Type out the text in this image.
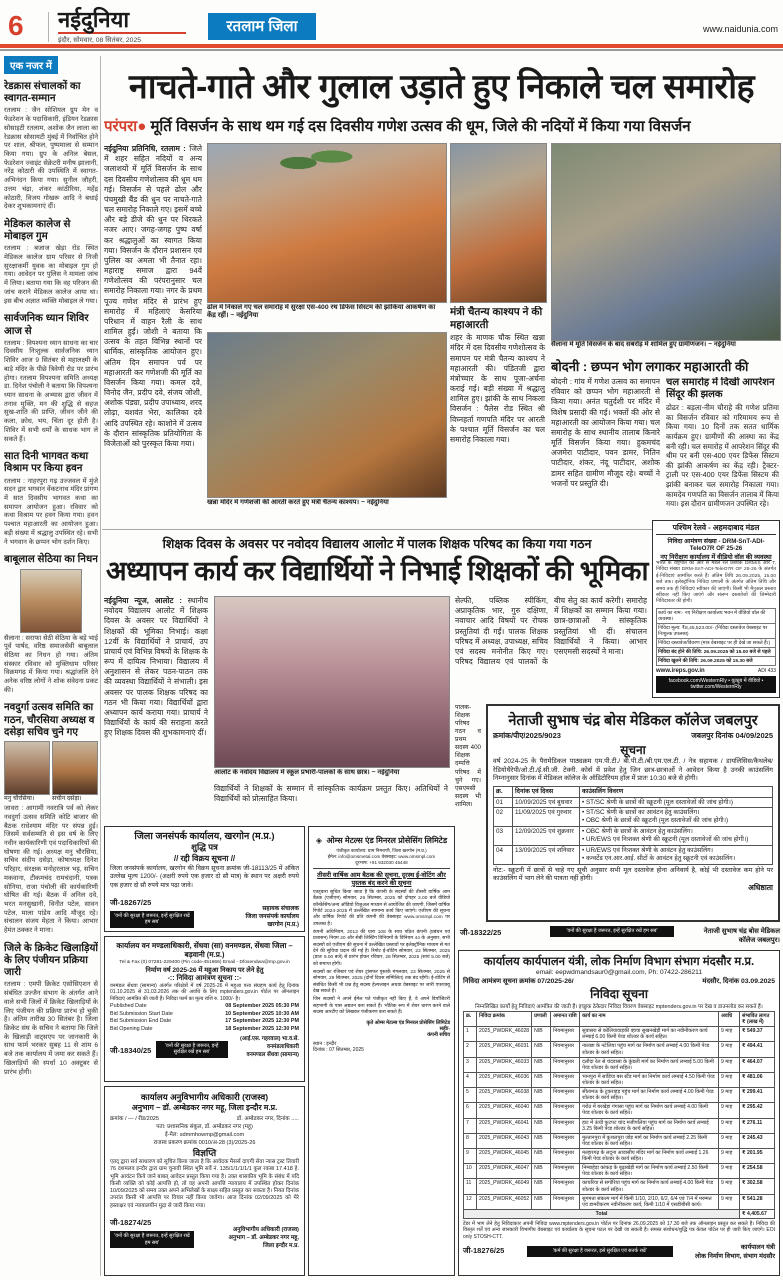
6 नईदुनिया
इंदौर, सोमवार, 08 सितंबर, 2025
रतलाम जिला	www.naidunia.com
एक नजर में
रेडक्रास संचालकों का स्वागत-सम्मान
रतलाम : जैन सोशियल ग्रुप मेन व फेडरेशन के पदाधिकारी, इंडियन रेडक्रास सोसाइटी रतलाम, अशोक जैन लाला का रेडक्रास सोसायटी मुंबई में निर्वाचित होने पर शाल, श्रीफल, पुष्पमाला से सम्मान किया गया। ग्रुप के अनिल बेसल, फेडरेशन ज्वाइंट सेक्रेटरी मनीष झालानी, नरेंद्र कोठारी की उपस्थिति में स्वागत-अभिनंदन किया गया। सुनील जौहरी, उत्तम चंद्रा, शंकर कांठीरिया, महेंद्र कोठारी, विजय गोखरू आदि ने बधाई देकर शुभकामनाएं दीं।
मेडिकल कालेज से मोबाइल गुम
रतलाम : बजाज खेड़ा रोड स्थित मेडिकल कालेज ग्राम परिसर से निजी सुरक्षाकर्मी युवक का मोबाइल गुम हो गया। आवेदन पर पुलिस ने मामला जांच में लिया। बताया गया कि वह परिजन की जांच कराने मेडिकल कालेज आया था। इस बीच अज्ञात व्यक्ति मोबाइल ले गया।
सार्वजनिक ध्यान शिविर आज से
रतलाम : विपश्यना ध्यान साधना का चार दिवसीय निःशुल्क सार्वजनिक ध्यान शिविर आज 9 सितंबर से महालक्ष्मी के बाड़े मंदिर के पीछे त्रिवेणी रोड पर प्रारंभ होगा। रतलाम विपश्यना समिति अध्यक्ष डा. दिनेश पंचोली ने बताया कि विपश्यना ध्यान साधना के अभ्यास द्वारा जीवन में तनाव मुक्ति, मन की शुद्धि से सहज सुख-शांति की प्राप्ति, जीवन जीने की कला, क्रोध, भय, चिंता दूर होती है। शिविर में सभी धर्मों के साधक भाग ले सकते हैं।
सात दिनी भागवत कथा विश्राम पर किया हवन
रतलाम : नाहरपुरा गढ़ उज्जवल में मुंजे सदन द्वार भगवान वेंकटनाथ मंदिर प्रांगण में सात दिवसीय भागवत कथा का समापन आयोजन हुआ। रविवार को कथा विश्राम पर हवन किया गया। हवन पश्चात महाआरती का आयोजन हुआ। बड़ी संख्या में श्रद्धालु उपस्थित रहे। सभी ने भगवान के छप्पन भोग दर्शन किए।
बाबूलाल सेठिया का निधन
सैलाना : सराफा सेठी सेठिया के बड़े भाई पूर्व पार्षद, वरिष्ठ समाजसेवी बाबूलाल सेठिया का निधन हो गया। अंतिम संस्कार रविवार को मुक्तिधाम परिसर विक्रमगढ़ में किया गया। श्रद्धांजलि देने अनेक वरिष्ठ लोगों ने शोक संवेदना प्रकट की।
नवदुर्गा उत्सव समिति का गठन, चौरसिया अध्यक्ष व दसेड़ा सचिव चुने गए
मनु चौरसिया।	सचीन दसेड़ा।
जावरा : आगामी नवरात्रि पर्व को लेकर नवदुर्गा उत्सव समिति कोटि बाजार की बैठक राधेश्याम मंदिर पर संपन्न हुई। जिसमें सर्वसम्मति से इस वर्ष के लिए नवीन कार्यकारिणी एवं पदाधिकारियों की घोषणा की गई। अध्यक्ष मनु चौरसिया, सचिव संदीप दसेड़ा, कोषाध्यक्ष दिनेश परिहार, संरक्षक मनोहरलाल भट्ट, सचिन मकवाना, टीकमचंद रामचंदानी, पत्रक सोनिया, राजा पंचोली की कार्यकारिणी घोषित की गई। बैठक में अनिल दवे, भरत मनसुखानी, विनीत पटेल, सावन पटेल, माला पांडेय आदि मौजूद रहे। संचालन संजय मेहता ने किया। आभार हेमंत ठक्कर ने माना।
जिले के क्रिकेट खिलाड़ियों के लिए पंजीयन प्रक्रिया जारी
रतलाम : एमपी क्रिकेट एसोसिएशन से संबंधित उज्जैन संभाग के अंतर्गत आने वाले सभी जिलों में क्रिकेट खिलाड़ियों के लिए पंजीयन की प्रक्रिया प्रारंभ हो चुकी है। अंतिम तारीख 30 सितंबर है। जिला क्रिकेट संघ के सचिव ने बताया कि जिले के खिलाड़ी वाट्सएप पर जानकारी के साथ फार्म भरकर सुबह 11 से शाम 6 बजे तक कार्यालय में जमा कर सकते हैं। खिलाड़ियों की स्पर्धा 10 अक्टूबर से प्रारंभ होगी।
नाचते-गाते और गुलाल उड़ाते हुए निकाले चल समारोह
परंपरा● मूर्ति विसर्जन के साथ थम गई दस दिवसीय गणेश उत्सव की धूम, जिले की नदियों में किया गया विसर्जन
नईदुनिया प्रतिनिधि, रतलाम : जिले में शहर सहित नदियों व अन्य जलाशयों में मूर्ति विसर्जन के साथ दस दिवसीय गणेशोत्सव की धूम थम गई। विसर्जन से पहले ढोल और पंचमुखी बैंड की धुन पर नाचते-गाते चल समारोह निकाले गए। इसमें बच्चे और बड़े डीजे की धुन पर थिरकते नजर आए। जगह-जगह पुष्प वर्षा कर श्रद्धालुओं का स्वागत किया गया। विसर्जन के दौरान प्रशासन एवं पुलिस का अमला भी तैनात रहा। महाराष्ट्र समाज द्वारा 94वें गणेशोत्सव की परंपरानुसार चल समारोह निकाला गया। नगर के प्रथम पूज्य गणेश मंदिर से प्रारंभ हुए समारोह में महिलाएं केसरिया परिधान में वाहन रैली के साथ शामिल हुईं। जोशी ने बताया कि उत्सव के तहत विभिन्न स्थानों पर धार्मिक, सांस्कृतिक आयोजन हुए। अंतिम दिन समापन पर्व पर महाआरती कर गणेशजी की मूर्ति का विसर्जन किया गया। कमल दवे, विनोद जैन, प्रदीप दवे, संजय जोशी, अशोक पंड्या, प्रदीप उपाध्याय, शरद लोढ़ा, यशवंत भेरा, कालिका दवे आदि उपस्थित रहे। काशोने में उत्सव के दौरान सांस्कृतिक प्रतियोगिता के विजेताओं को पुरस्कृत किया गया।
ढोल में निकाले गए चल समारोह में सुरक्षा एस-400 रथ डिफेंस सिस्टम की झांकियां आकर्षण का केंद्र रहीं। ~ नईदुनिया
सैलाना में मूर्ति विसर्जन के बाद सबरोड़ में शामिल हुए ग्रामीणजन। ~ नईदुनिया
मंत्री चैतन्य काश्यप ने की महाआरती
शहर के माणक चौक स्थित खन्ना मंदिर में दस दिवसीय गणेशोत्सव के समापन पर मंत्री चैतन्य काश्यप ने महाआरती की। पंडितजी द्वारा मंत्रोच्चार के साथ पूजा-अर्चना कराई गई। बड़ी संख्या में श्रद्धालु शामिल हुए। झांकी के साथ निकला विसर्जन : पैलेस रोड स्थित श्री विघ्नहर्ता गणपति मंदिर पर आरती के पश्चात मूर्ति विसर्जन का चल समारोह निकाला गया।
खन्ना मंदिर में गणेशजी की आरती करते हुए मंत्री चैतन्य काश्यप। ~ नईदुनिया
बोदनी : छप्पन भोग लगाकर महाआरती की
बोदनी : गांव में गणेश उत्सव का समापन रविवार को छप्पन भोग महाआरती से किया गया। अनंत चतुर्दशी पर मंदिर में विशेष प्रसादी की गई। भक्तों की ओर से महाआरती का आयोजन किया गया। चल समारोह के साथ स्थानीय तालाब किनारे मूर्ति विसर्जन किया गया। हुकमचंद अजमेरा पाटीदार, पवन डामर, नितिन पाटीदार, शंकर, नंदू पाटीदार, अशोक डामर सहित ग्रामीण मौजूद रहे। बच्चों ने भजनों पर प्रस्तुति दी।
चल समारोह में दिखी आपरेशन सिंदूर की झलक
ढोढर : बड़ला-नीम चौराहे की गणेश प्रतिमा का विसर्जन रविवार को गरिमामय रूप से किया गया। 10 दिनों तक सतत धार्मिक कार्यक्रम हुए। ग्रामीणों की आस्था का केंद्र बनी रही। चल समारोह में आपरेशन सिंदूर की थीम पर बनी एस-400 एयर डिफेंस सिस्टम की झांकी आकर्षण का केंद्र रही। ट्रैक्टर-ट्राली पर एस-400 एयर डिफेंस सिस्टम की झांकी बनाकर चल समारोह निकाला गया। कामदेव गणपति का विसर्जन तालाब में किया गया। इस दौरान ग्रामीणजन उपस्थित रहे।
शिक्षक दिवस के अवसर पर नवोदय विद्यालय आलोट में पालक शिक्षक परिषद का किया गया गठन
अध्यापन कार्य कर विद्यार्थियों ने निभाई शिक्षकों की भूमिका
नईदुनिया न्यूज, आलोट : स्थानीय नवोदय विद्यालय आलोट में शिक्षक दिवस के अवसर पर विद्यार्थियों ने शिक्षकों की भूमिका निभाई। कक्षा 12वीं के विद्यार्थियों ने प्राचार्य, उप प्राचार्य एवं विभिन्न विषयों के शिक्षक के रूप में दायित्व निभाया। विद्यालय में अनुशासन से लेकर पठन-पाठन तक की व्यवस्था विद्यार्थियों ने संभाली। इस अवसर पर पालक शिक्षक परिषद का गठन भी किया गया। विद्यार्थियों द्वारा अध्यापन कार्य कराया गया। प्राचार्य ने विद्यार्थियों के कार्य की सराहना करते हुए शिक्षक दिवस की शुभकामनाएं दीं।
आलोट के नवोदय विद्यालय में स्कूल प्रभारी-पालकों के साथ छात्र। ~ नईदुनिया
विद्यार्थियों ने शिक्षकों के सम्मान में सांस्कृतिक कार्यक्रम प्रस्तुत किए। अतिथियों ने विद्यार्थियों को प्रोत्साहित किया।
सेल्फी, पब्लिक स्पीकिंग, अप्राकृतिक भार, गुरु दक्षिणा, नवाचार आदि विषयों पर रोचक प्रस्तुतियां दी गईं। पालक शिक्षक परिषद में अध्यक्ष, उपाध्यक्ष, सचिव एवं सदस्य मनोनीत किए गए। परिषद विद्यालय एवं पालकों के बीच सेतु का कार्य करेगी। समारोह में शिक्षकों का सम्मान किया गया। छात्र-छात्राओं ने सांस्कृतिक प्रस्तुतियां भी दीं। संचालन विद्यार्थियों ने किया। आभार एसएमसी सदस्यों ने माना।
पालक-शिक्षक परिषद गठन व प्रथम सदस्य 400 शिक्षक दम्पत्ति परिषद में चुने गए। एसएमसी सदस्य भी शामिल।
पश्चिम रेलवे - अहमदाबाद मंडल
निविदा आमंत्रण संख्या - DRM-SnT-ADI- TeleO7R OF 25-26
नए निरीक्षण कार्यालय में वीडियो वॉल की व्यवस्था
भारत के राष्ट्रपति की ओर से मंडल रेल प्रबंधक DRM/S और T, निविदा संख्या DRM-SnT-ADI-TeleO7R OF 25-26 के अंतर्गत ई-निविदाएं आमंत्रित करते हैं। अंतिम तिथि 26.09.2025, 15.00 बजे तक। इलेक्ट्रॉनिक निविदा प्रणाली के अंतर्गत अंतिम तिथि और समय तक ही निविदाएं स्वीकार की जाएंगी। किसी भी मैनुअल प्रस्ताव स्वीकार नहीं किए जाएंगे और संलग्न दस्तावेजों की जिम्मेदारी निविदाकार की होगी।
कार्य का नाम:- नए निरीक्षण कार्यालय भवन में वीडियो वॉल की व्यवस्था।
निविदा मूल्य: ₹8,45,523.00/- (निविदा दस्तावेज वेबसाइट पर निःशुल्क उपलब्ध)
निविदा दस्तावेज/विवरण (मात्र वेबसाइट पर ही देखे जा सकते हैं।)
निविदा बंद होने की तिथि: 26.09.2025 को 15.00 बजे से पहले
निविदा खुलने की तिथि: 26.09.2025 को 15.30 बजे
www.ireps.gov.in	ADI 433
facebook.com/WesternRly • यूट्यूब में वीडियो • twitter.com/WesternRly
नेताजी सुभाष चंद्र बोस मेडिकल कॉलेज जबलपुर
क्रमांक/पीए/2025/9023	जबलपुर दिनांक 04/09/2025
सूचना
वर्ष 2024-25 के पैरामेडिकल पाठ्यक्रम एम.पी.टी./ बी.पी.टी./बी.एम.एल.टी. / नेत्र सहायक / डायलिसिस/कैथलेब/रेडियोथैरेपी/ओ.टी./ई.सी.जी. टेक्नी. कोर्स में प्रवेश हेतु जिन छात्र-छात्राओं ने आवेदन किया है उनकी काउंसलिंग निम्नानुसार दिनांक में मेडिकल कॉलेज के ऑडिटोरियम हॉल में प्रातः 10:30 बजे से होगी।
क्र.	दिनांक एवं दिवस	काउंसलिंग विवरण
01	10/09/2025 एवं बुधवार	• ST/SC श्रेणी के छात्रों की स्क्रूटनी (मूल दस्तावेजों की जांच होगी।)

02	11/09/2025 एवं गुरुवार	• ST/SC श्रेणी के छात्रों का आवंटन हेतु काउंसलिंग।
• OBC श्रेणी के छात्रों की स्क्रूटनी (मूल दस्तावेजों की जांच होगी।)

03	12/09/2025 एवं शुक्रवार	• OBC श्रेणी के छात्रों के आवंटन हेतु काउंसलिंग।
• UR/EWS एवं निःशक्त श्रेणी की स्क्रूटनी (मूल दस्तावेजों की जांच होगी।)

04	13/09/2025 एवं शनिवार	• UR/EWS एवं निःशक्त श्रेणी के आवंटन हेतु काउंसलिंग।
• कन्वर्टेड एन.आर.आई. सीटों के आवंटन हेतु स्क्रूटनी एवं काउंसलिंग।
नोट:- स्क्रूटनी में छात्रों से चाहे गए सूची अनुसार सभी मूल दस्तावेज होना अनिवार्य है, कोई भी दस्तावेज कम होने पर काउंसलिंग में भाग लेने की पात्रता नहीं होगी।
अधिष्ठाता
जी-18322/25	'वनों की सुरक्षा है जरूरत, इन्हें सुरक्षित रखें हम सब'	नेताजी सुभाष चंद्र बोस मेडिकल
कॉलेज जबलपुर।
कार्यालय कार्यपालन यंत्री, लोक निर्माण विभाग संभाग मंदसौर म.प्र.
email: eepwdmandsaur0@gmail.com, Ph: 07422-286211
निविदा आमंत्रण सूचना क्रमांक 07/2025-26/	मंदसौर, दिनांक 03.09.2025
निविदा सूचना
निम्नलिखित कार्यों हेतु निविदाएं आमंत्रित की जाती हैं। इच्छुक ठेकेदार निविदा विवरण वेबसाइट mptenders.gov.in पर देख व डाउनलोड कर सकते हैं।
क्र.	निविदा क्रमांक	प्रणाली	अमानत राशि	कार्य का नाम	अवधि	संभावित लागत ₹ (लाख में)
1	2025_PWDRK_46028	NIB	नियमानुसार	सुवासरा से कोलियावाड़की व्हाया सुखनखेड़ी मार्ग का नवीनीकरण कार्य लम्बाई 6.00 किमी पेव्ड शोल्डर के कार्य सहित।	9 माह	₹ 549.37
2	2025_PWDRK_46031	NIB	नियमानुसार	नालछा के नटेलिया पहुंच मार्ग का निर्माण कार्य लम्बाई 4.00 किमी पेव्ड शोल्डर के कार्य सहित।	9 माह	₹ 494.41
3	2025_PWDRK_46033	NIB	नियमानुसार	दलौदा रेल से चंदवासा के कुंडली मार्ग का निर्माण कार्य लम्बाई 5.00 किमी पेव्ड शोल्डर के कार्य सहित।	9 माह	₹ 464.07
4	2025_PWDRK_46036	NIB	नियमानुसार	भानपुरा में सांडिया बस स्टैंड मार्ग का निर्माण कार्य लम्बाई 4.50 किमी पेव्ड शोल्डर के कार्य सहित।	9 माह	₹ 481.06
5	2025_PWDRK_46038	NIB	नियमानुसार	सीतामऊ के टुकराहड़ पहुंच मार्ग का निर्माण कार्य लम्बाई 4.00 किमी पेव्ड शोल्डर के कार्य सहित।	9 माह	₹ 299.41
6	2025_PWDRK_46040	NIB	नियमानुसार	गरोठ में बरखेड़ा गंगासा पहुंच मार्ग का निर्माण कार्य लम्बाई 4.00 किमी पेव्ड शोल्डर के कार्य सहित।	9 माह	₹ 295.42
7	2025_PWDRK_46041	NIB	नियमानुसार	हाट में ऊंची फुटपट चांद मजीपलिया पहुंच मार्ग का निर्माण कार्य लम्बाई 3.25 किमी पेव्ड शोल्डर के कार्य सहित।	9 माह	₹ 276.11
8	2025_PWDRK_46043	NIB	नियमानुसार	मुल्तानपुरा में कुशलपुरा जोड़ मार्ग का निर्माण कार्य लम्बाई 2.25 किमी पेव्ड शोल्डर के कार्य सहित।	9 माह	₹ 245.43
9	2025_PWDRK_46045	NIB	नियमानुसार	मल्हारगढ़ के लदूना आवासीय मंदिर मार्ग का निर्माण कार्य लम्बाई 1.26 किमी पेव्ड शोल्डर के कार्य सहित।	9 माह	₹ 201.95
10	2025_PWDRK_46047	NIB	नियमानुसार	निम्बाहेड़ा कांकड़ के बूढ़ाखेड़ी मार्ग का निर्माण कार्य लम्बाई 2.50 किमी पेव्ड शोल्डर के कार्य सहित।	9 माह	₹ 254.58
11	2025_PWDRK_46049	NIB	नियमानुसार	काचरिया से सगोरिया पहुंच मार्ग का निर्माण कार्य लम्बाई 4.00 किमी पेव्ड शोल्डर के कार्य सहित।	9 माह	₹ 302.58
12	2025_PWDRK_46052	NIB	नियमानुसार	सुगमता संकल्प मार्ग में किमी 1/10, 2/10, 6/2, 6/4 एवं 7/4 में मरम्मत एवं डामरीकरण नवीनीकरण कार्य, किमी 1/10 में एसडीबीसी कार्य।	9 माह	₹ 541.28
Total						₹ 4,405.67
टेंडर में भाग लेने हेतु निविदाकार अपनी निविदा www.mptenders.gov.in पोर्टल पर दिनांक 26.09.2025 को 17.30 बजे तक ऑनलाइन प्रस्तुत कर सकते हैं। निविदा की विस्तृत शर्तें एवं अन्य जानकारी विभागीय वेबसाइट एवं कार्यालय के सूचना पटल पर देखी जा सकती है। समस्त संशोधन/शुद्धि पत्र केवल पोर्टल पर ही जारी किए जाएंगे। EOI only STOSH-CTT.
जी-18276/25	'कर्म की सुरक्षा है जरूरत, इसे सुरक्षित एवं सतर्क रखें'	कार्यपालन यंत्री
लोक निर्माण विभाग, संभाग मंदसौर
जिला जनसंपर्क कार्यालय, खरगोन (म.प्र.)
शुद्धि पत्र
// रद्दी विक्रय सूचना //
जिला जनसंपर्क कार्यालय, खरगोन की विक्रय सूचना क्रमांक जी-18113/25 में अंकित उल्लेख मूल्य 1200/- (अक्षरी रुपये एक हजार दो सौ मात्र) के स्थान पर अक्षरी रुपये एक हजार दो सौ रुपये मात्र पढ़ा जावे।
जी-18267/25
'वनों की सुरक्षा है जरूरत, इन्हें सुरक्षित रखें हम सब'
सहायक संचालक
जिला जनसंपर्क कार्यालय
खरगोन (म.प्र.)
कार्यालय वन मण्डलाधिकारी, सेंधवा (सा) वनमण्डल, सेंधवा जिला – बड़वानी (म.प्र.)
Tel & Fax (0) 07281-229400 (Pin code-451666) Email - Dfosendwa@mp.gov.in
निर्माण वर्ष 2025-26 में महुआ निकाय पर लेने हेतु
-:: निविदा आमंत्रण सूचना ::-
वनमंडल सेंधवा (सामान्य) अंतर्गत परिक्षेत्रों में वर्ष 2025-26 में महुआ पत्ता संग्रहण कार्य हेतु दिनांक 01.10.2025 से 31.03.2026 तक की अवधि के लिए mptenders.gov.in पोर्टल पर ऑनलाइन निविदाएं आमंत्रित की जाती हैं। निविदा फार्म का मूल्य राशि रु. 1000/- है।
Published Date	08 September 2025 05:30 PM
Bid Submission Start Date	10 September 2025 10:30 AM
Bid Submission End Date	17 September 2025 12:30 PM
Bid Opening Date	18 September 2025 12:30 PM
जी-18340/25 'वनों की सुरक्षा है जरूरत, इन्हें सुरक्षित रखें हम सब'
(आई.एस. गहरवाल) भा.व.से.
वनमंडलाधिकारी
वनमण्डल सेंधवा (सामान्य)
कार्यालय अनुविभागीय अधिकारी (राजस्व)
अनुभाग – डॉ. अम्बेडकर नगर महू, जिला इन्दौर म.प्र.
क्रमांक / — / रीड/2025	डॉ. अम्बेडकर नगर, दिनांक .....
पता: प्रशासनिक संकुल, डॉ. अम्बेडकर नगर (महू)
ई-मेल: sdmmhowmp@gmail.com
राजस्व प्रकरण क्रमांक 0010/अ-28 (3)/2025-26
विज्ञप्ति
एतद् द्वारा सर्व साधारण को सूचित किया जाता है कि आवेदक मैसर्स दाएगी सेवा न्यास ट्रस्ट तिवारी 76 दशमलव इन्दौर द्वारा ग्राम चुनावी स्थित भूमि सर्वे नं. 135/1/1/1/1/1 कुल रकबा 17.418 हे. भूमि आवंटन किये जाने बाबत् आवेदन प्रस्तुत किया गया है। उक्त शासकीय भूमि के संबंध में यदि किसी व्यक्ति को कोई आपत्ति हो, तो वह अपनी आपत्ति न्यायालय में उपस्थित होकर दिनांक 10/09/2025 को समय उक्त अपने अभिलेखों के साक्ष्य सहित प्रस्तुत कर सकता है। नियत दिनांक उपरांत किसी भी आपत्ति पर विचार नहीं किया जावेगा। आज दिनांक 02/09/2025 को मेरे हस्ताक्षर एवं न्यायालयीन मुद्रा से जारी किया गया।
जी-18274/25
'वनों की सुरक्षा है जरूरत, इन्हें सुरक्षित रखें हम सब'
अनुविभागीय अधिकारी (राजस्व)
अनुभाग – डॉ. अम्बेडकर नगर महू,
जिला इन्दौर म.प्र.
◈ ओम्स मेटल्स एंड मिनरल प्रोसेसिंग लिमिटेड
पंजीकृत कार्यालय: ग्राम निमराणी, जिला खरगोन (म.प्र.)
ईमेल: info@omsmetal.com वेबसाइट: www.omsmpl.com
दूरभाष: +91 932030 45448
तीसरी वार्षिक आम बैठक की सूचना, दूरस्थ ई-वोटिंग और पुस्तक बंद करने की सूचना
एतद्द्वारा सूचित किया जाता है कि कंपनी के सदस्यों की तीसरी वार्षिक आम बैठक (एजीएम) सोमवार, 29 सितम्बर, 2025 को दोपहर 3.00 बजे वीडियो कॉन्फ्रेंसिंग/अन्य ऑडियो विजुअल माध्यम से आयोजित की जाएगी, जिसमें वार्षिक रिपोर्ट 2024-2025 में उल्लेखित सामान्य कार्य किए जाएंगे। एजीएम की सूचना और वार्षिक रिपोर्ट की प्रति कंपनी की वेबसाइट www.omsmpl.com पर उपलब्ध है।
कंपनी अधिनियम, 2013 की धारा 108 के साथ पठित कंपनी (प्रबंधन एवं प्रशासन) नियम 20 और सेबी लिस्टिंग विनियमों के विनियम 44 के अनुसार, सभी सदस्यों को एजीएम की सूचना में उल्लेखित प्रस्तावों पर इलेक्ट्रॉनिक माध्यम से मत देने की सुविधा प्रदान की गई है। रिमोट ई-वोटिंग सोमवार, 22 सितम्बर, 2025 (प्रातः 9.00 बजे) से प्रारंभ होकर रविवार, 28 सितम्बर, 2025 (सायं 5.00 बजे) को समाप्त होगी।
सदस्यों का रजिस्टर एवं शेयर ट्रांसफर पुस्तकें मंगलवार, 23 सितम्बर, 2025 से सोमवार, 29 सितम्बर, 2025 (दोनों दिवस सम्मिलित) तक बंद रहेंगी। ई-वोटिंग से संबंधित किसी भी प्रश्न हेतु सदस्य हेल्पलाइन अथवा वेबसाइट पर जारी एफएक्यू देख सकते हैं।
जिन सदस्यों ने अपने ईमेल पते पंजीकृत नहीं किए हैं, वे अपने डिपॉजिटरी सहभागी के पास अद्यतन करा सकते हैं। भौतिक रूप में शेयर धारण करने वाले सदस्य आरटीए को लिखकर पंजीकरण करा सकते हैं।
कृते ओम्स मेटल्स एंड मिनरल प्रोसेसिंग लिमिटेड
सही/-
कंपनी सचिव
स्थान : इन्दौर
दिनांक : 07 सितम्बर, 2025
